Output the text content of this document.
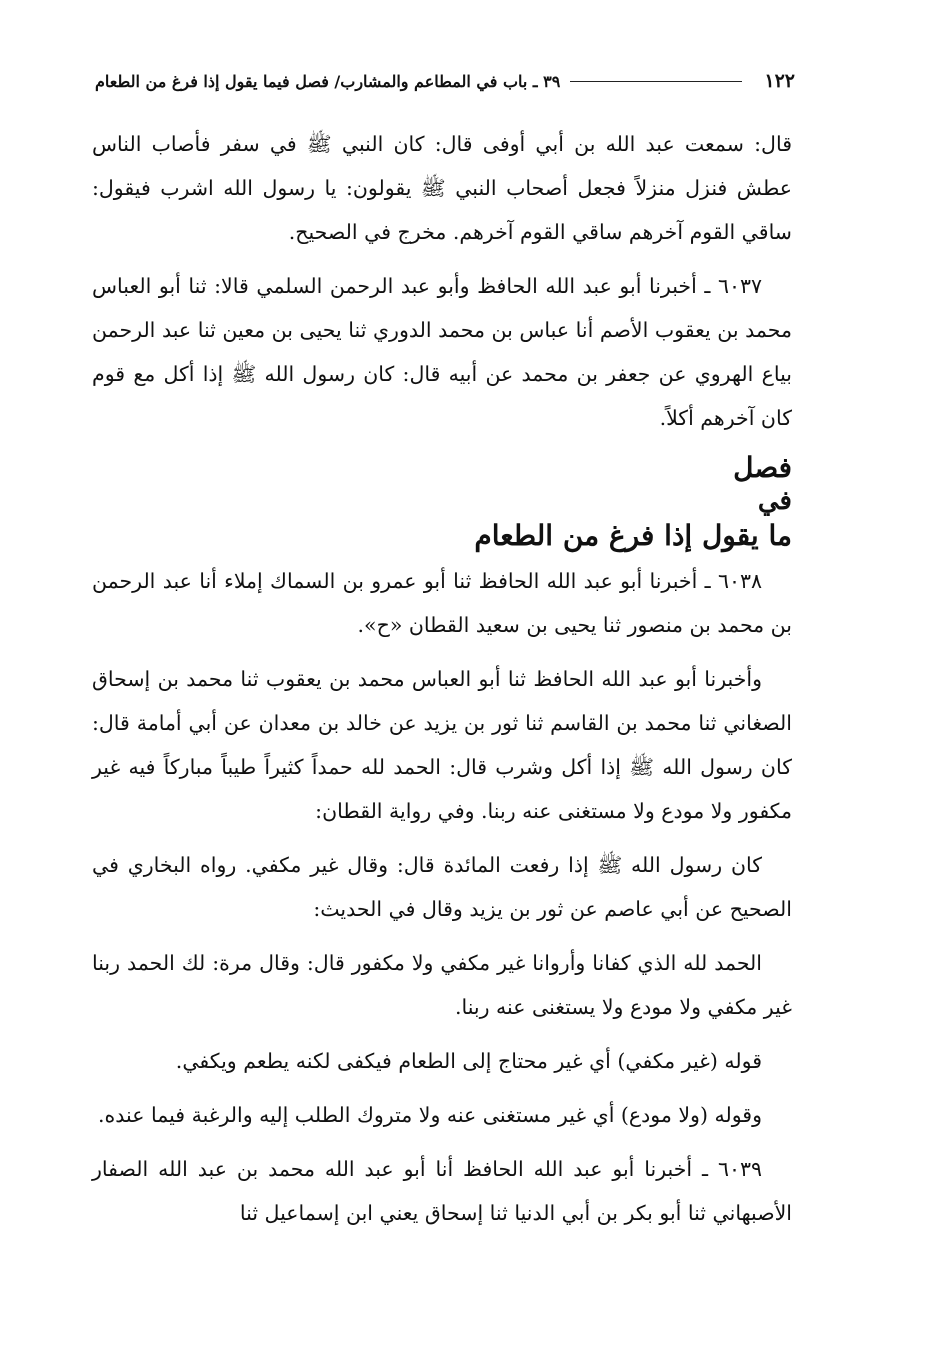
١٢٢
٣٩ ـ باب في المطاعم والمشارب/ فصل فيما يقول إذا فرغ من الطعام

قال: سمعت عبد الله بن أبي أوفى قال: كان النبي ﷺ في سفر فأصاب الناس عطش فنزل منزلاً فجعل أصحاب النبي ﷺ يقولون: يا رسول الله اشرب فيقول: ساقي القوم آخرهم ساقي القوم آخرهم. مخرج في الصحيح.

٦٠٣٧ ـ أخبرنا أبو عبد الله الحافظ وأبو عبد الرحمن السلمي قالا: ثنا أبو العباس محمد بن يعقوب الأصم أنا عباس بن محمد الدوري ثنا يحيى بن معين ثنا عبد الرحمن بياع الهروي عن جعفر بن محمد عن أبيه قال: كان رسول الله ﷺ إذا أكل مع قوم كان آخرهم أكلاً.

فصل
في
ما يقول إذا فرغ من الطعام

٦٠٣٨ ـ أخبرنا أبو عبد الله الحافظ ثنا أبو عمرو بن السماك إملاء أنا عبد الرحمن بن محمد بن منصور ثنا يحيى بن سعيد القطان «ح».

وأخبرنا أبو عبد الله الحافظ ثنا أبو العباس محمد بن يعقوب ثنا محمد بن إسحاق الصغاني ثنا محمد بن القاسم ثنا ثور بن يزيد عن خالد بن معدان عن أبي أمامة قال: كان رسول الله ﷺ إذا أكل وشرب قال: الحمد لله حمداً كثيراً طيباً مباركاً فيه غير مكفور ولا مودع ولا مستغنى عنه ربنا. وفي رواية القطان:

كان رسول الله ﷺ إذا رفعت المائدة قال: وقال غير مكفي. رواه البخاري في الصحيح عن أبي عاصم عن ثور بن يزيد وقال في الحديث:

الحمد لله الذي كفانا وأروانا غير مكفي ولا مكفور قال: وقال مرة: لك الحمد ربنا غير مكفي ولا مودع ولا يستغنى عنه ربنا.

قوله (غير مكفي) أي غير محتاج إلى الطعام فيكفى لكنه يطعم ويكفي.

وقوله (ولا مودع) أي غير مستغنى عنه ولا متروك الطلب إليه والرغبة فيما عنده.

٦٠٣٩ ـ أخبرنا أبو عبد الله الحافظ أنا أبو عبد الله محمد بن عبد الله الصفار الأصبهاني ثنا أبو بكر بن أبي الدنيا ثنا إسحاق يعني ابن إسماعيل ثنا
